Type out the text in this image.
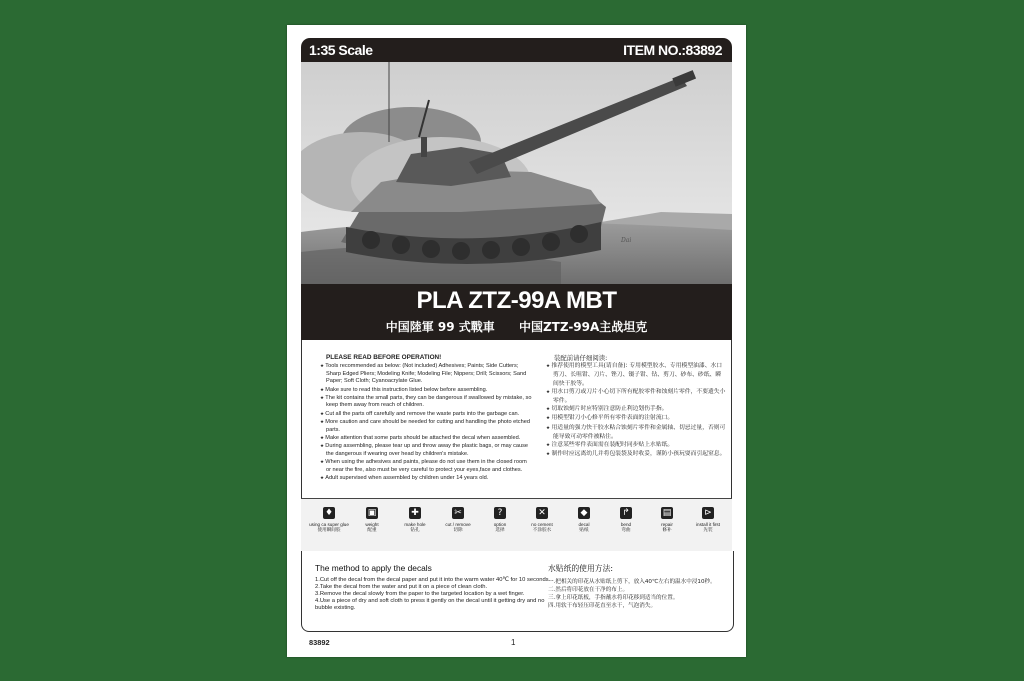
1:35 Scale	ITEM NO.:83892
Dai
PLA ZTZ-99A MBT
中国陸軍 99 式戰車 中国ZTZ-99A主战坦克
PLEASE READ BEFORE OPERATION!
★ Tools recommended as below: (Not included) Adhesives; Paints; Side Cutters; Sharp Edged Pliers; Modeling Knife; Modeling File; Nippers; Drill; Scissors; Sand Paper; Soft Cloth; Cyanoacrylate Glue.
★ Make sure to read this instruction listed below before assembling.
★ The kit contains the small parts, they can be dangerous if swallowed by mistake, so keep them away from reach of children.
★ Cut all the parts off carefully and remove the waste parts into the garbage can.
★ More caution and care should be needed for cutting and handling the photo etched parts.
★ Make attention that some parts should be attached the decal when assembled.
★ During assembling, please tear up and throw away the plastic bags, or may cause the dangerous if wearing over head by children's mistake.
★ When using the adhesives and paints, please do not use them in the closed room or near the fire, also must be very careful to protect your eyes,face and clothes.
★ Adult supervised when assembled by children under 14 years old.
装配前请仔细阅读:
★ 推荐使用的模型工具(请自备): 专用模型胶水、专用模型油漆、水口剪刀、长咀钳、刀片、锉刀、镊子钳、钻、剪刀、砂布、砂纸、瞬间快干胶等。
★ 用水口剪刀或刀片小心切下所有配胶零件和蚀刻片零件，不要遗失小零件。
★ 切取蚀刻片时应特别注意防止利边划伤手指。
★ 用模型钳刀小心修平所有零件表面的注射流口。
★ 用适量的强力快干胶水粘合蚀刻片零件和金属轴、切忌过量，否则可能导致可动零件被粘住。
★ 注意某些零件表面需在装配时同步贴上水贴纸。
★ 制作时应远离幼儿并将包装袋及时收妥，谨防小孩玩耍而引起窒息。
♦
using ca super glue
使用瞬间胶
▣
weight
配重
✚
make hole
钻孔
✂
cut / remove
切除
?
option
选择
✕
no cement
不涂胶水
◆
decal
贴纸
↱
bend
弯曲
▤
repair
修补
⊳
install it first
先装
The method to apply the decals
1.Cut off the decal from the decal paper and put it into the warm water 40℃ for 10 seconds.
2.Take the decal from the water and put it on a piece of clean cloth.
3.Remove the decal slowly from the paper to the targeted location by a wet finger.
4.Use a piece of dry and soft cloth to press it gently on the decal until it getting dry and no bubble existing.
水贴纸的使用方法:
一.把相关的印花从水贴纸上剪下，放入40℃左右的温水中浸10秒。
二.然后将印花放在干净的布上。
三.拿上印花纸板，手指蘸水将印花移到适当的位置。
四.用软干布轻压印花直至水干，气泡消失。
83892	1
